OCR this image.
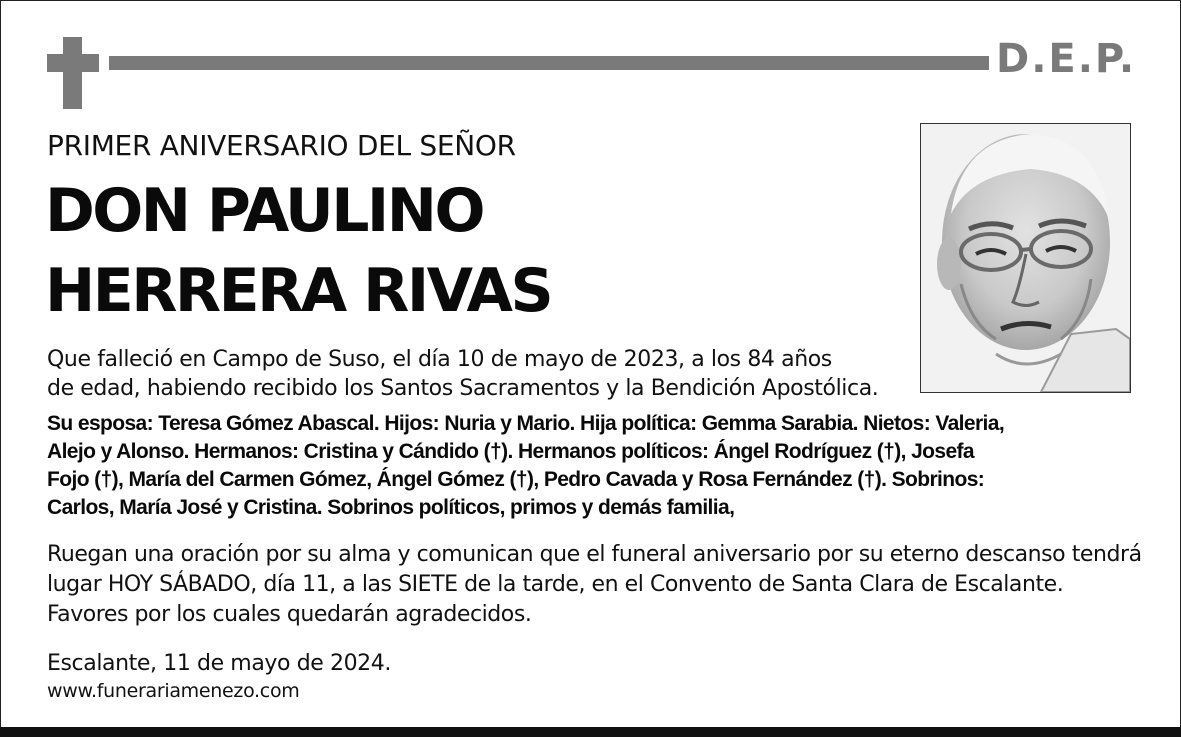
D.E.P.
PRIMER ANIVERSARIO DEL SEÑOR
DON PAULINO
HERRERA RIVAS
Que falleció en Campo de Suso, el día 10 de mayo de 2023, a los 84 años
de edad, habiendo recibido los Santos Sacramentos y la Bendición Apostólica.
Su esposa: Teresa Gómez Abascal. Hijos: Nuria y Mario. Hija política: Gemma Sarabia. Nietos: Valeria,
Alejo y Alonso. Hermanos: Cristina y Cándido (†). Hermanos políticos: Ángel Rodríguez (†), Josefa
Fojo (†), María del Carmen Gómez, Ángel Gómez (†), Pedro Cavada y Rosa Fernández (†). Sobrinos:
Carlos, María José y Cristina. Sobrinos políticos, primos y demás familia,
Ruegan una oración por su alma y comunican que el funeral aniversario por su eterno descanso tendrá
lugar HOY SÁBADO, día 11, a las SIETE de la tarde, en el Convento de Santa Clara de Escalante.
Favores por los cuales quedarán agradecidos.
Escalante, 11 de mayo de 2024.
www.funerariamenezo.com
